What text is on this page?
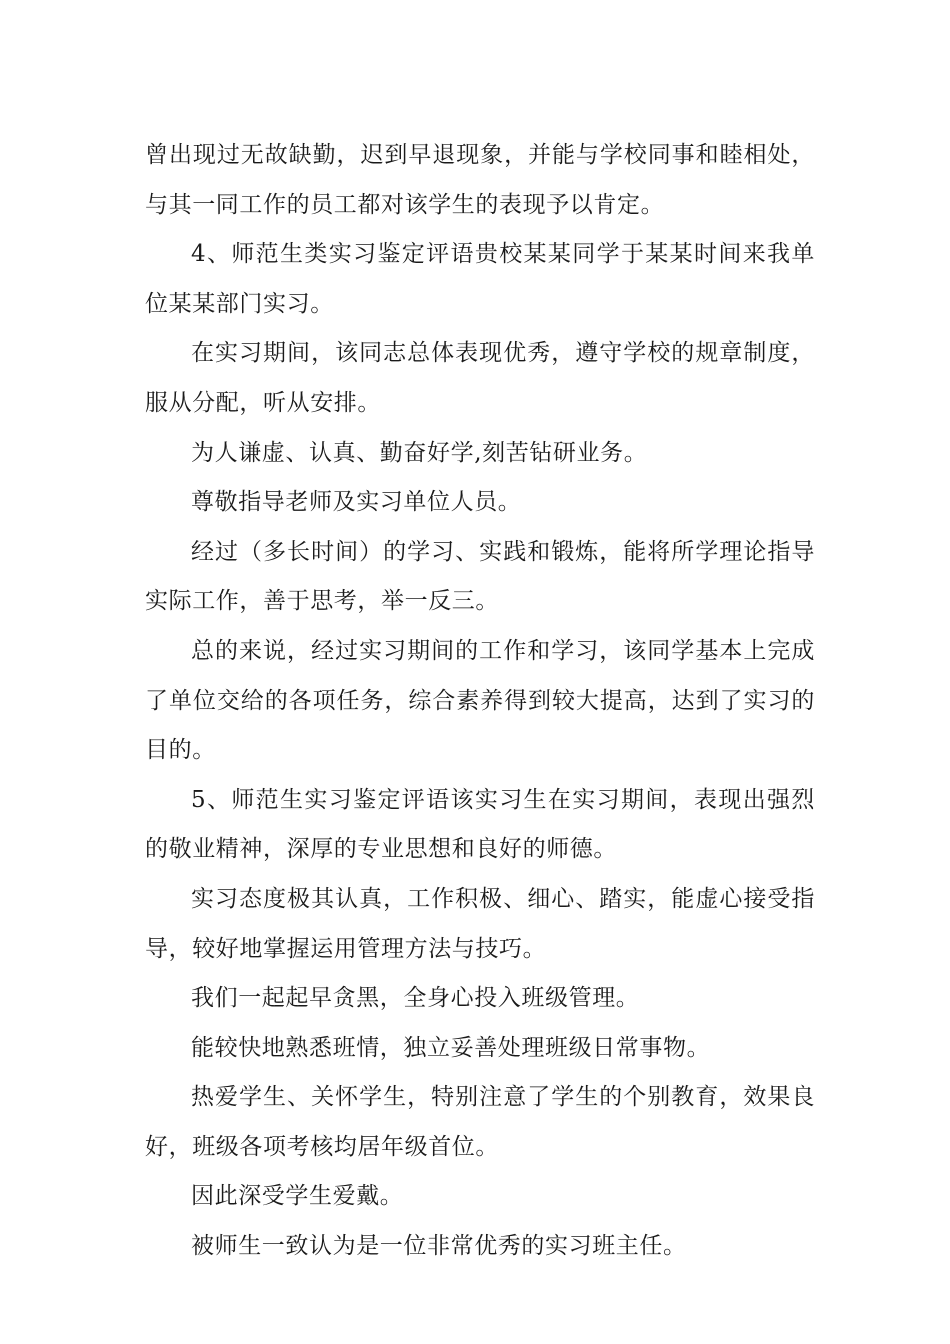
曾出现过无故缺勤，迟到早退现象，并能与学校同事和睦相处，与其一同工作的员工都对该学生的表现予以肯定。

4、师范生类实习鉴定评语贵校某某同学于某某时间来我单位某某部门实习。

在实习期间，该同志总体表现优秀，遵守学校的规章制度，服从分配，听从安排。

为人谦虚、认真、勤奋好学,刻苦钻研业务。

尊敬指导老师及实习单位人员。

经过（多长时间）的学习、实践和锻炼，能将所学理论指导实际工作，善于思考，举一反三。

总的来说，经过实习期间的工作和学习，该同学基本上完成了单位交给的各项任务，综合素养得到较大提高，达到了实习的目的。

5、师范生实习鉴定评语该实习生在实习期间，表现出强烈的敬业精神，深厚的专业思想和良好的师德。

实习态度极其认真，工作积极、细心、踏实，能虚心接受指导，较好地掌握运用管理方法与技巧。

我们一起起早贪黑，全身心投入班级管理。

能较快地熟悉班情，独立妥善处理班级日常事物。

热爱学生、关怀学生，特别注意了学生的个别教育，效果良好，班级各项考核均居年级首位。

因此深受学生爱戴。

被师生一致认为是一位非常优秀的实习班主任。
